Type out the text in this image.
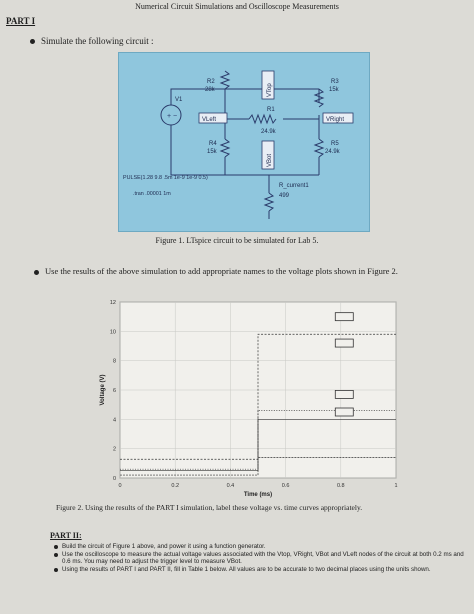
Numerical Circuit Simulations and Oscilloscope Measurements
PART I
Simulate the following circuit :
+ −
R2
28k
R3
15k
R1
24.9k
R4
15k
R5
24.9k
V1
VLeft	VRight
VTop
VBot
R_current1
499
PULSE(1.28 9.8 .5m 1e-9 1e-9 0.5)
.tran .00001 1m
Figure 1. LTspice circuit to be simulated for Lab 5.
Use the results of the above simulation to add appropriate names to the voltage plots shown in Figure 2.
0	0.2	0.4	0.6	0.8	1
0
2
4
6
8
10
12
Time (ms)
Voltage (V)
Figure 2. Using the results of the PART I simulation, label these voltage vs. time curves appropriately.
PART II:
Build the circuit of Figure 1 above, and power it using a function generator.
Use the oscilloscope to measure the actual voltage values associated with the Vtop, VRight, VBot and VLeft nodes of the circuit at both 0.2 ms and 0.6 ms. You may need to adjust the trigger level to measure VBot.
Using the results of PART I and PART II, fill in Table 1 below. All values are to be accurate to two decimal places using the units shown.
